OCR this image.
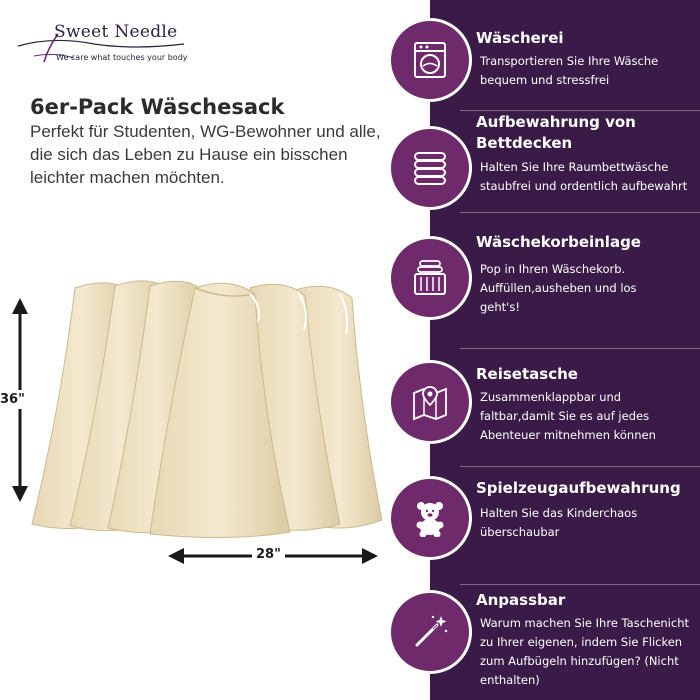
Sweet Needle
We care what touches your body
6er-Pack Wäschesack
Perfekt für Studenten, WG-Bewohner und alle, die sich das Leben zu Hause ein bisschen leichter machen möchten.
36"
28"
Wäscherei
Transportieren Sie Ihre Wäsche bequem und stressfrei
Aufbewahrung von Bettdecken
Halten Sie Ihre Raumbettwäsche staubfrei und ordentlich aufbewahrt
Wäschekorbeinlage
Pop in Ihren Wäschekorb. Auffüllen,ausheben und los geht's!
Reisetasche
Zusammenklappbar und faltbar,damit Sie es auf jedes Abenteuer mitnehmen können
Spielzeugaufbewahrung
Halten Sie das Kinderchaos überschaubar
Anpassbar
Warum machen Sie Ihre Taschenicht zu Ihrer eigenen, indem Sie Flicken zum Aufbügeln hinzufügen? (Nicht enthalten)
